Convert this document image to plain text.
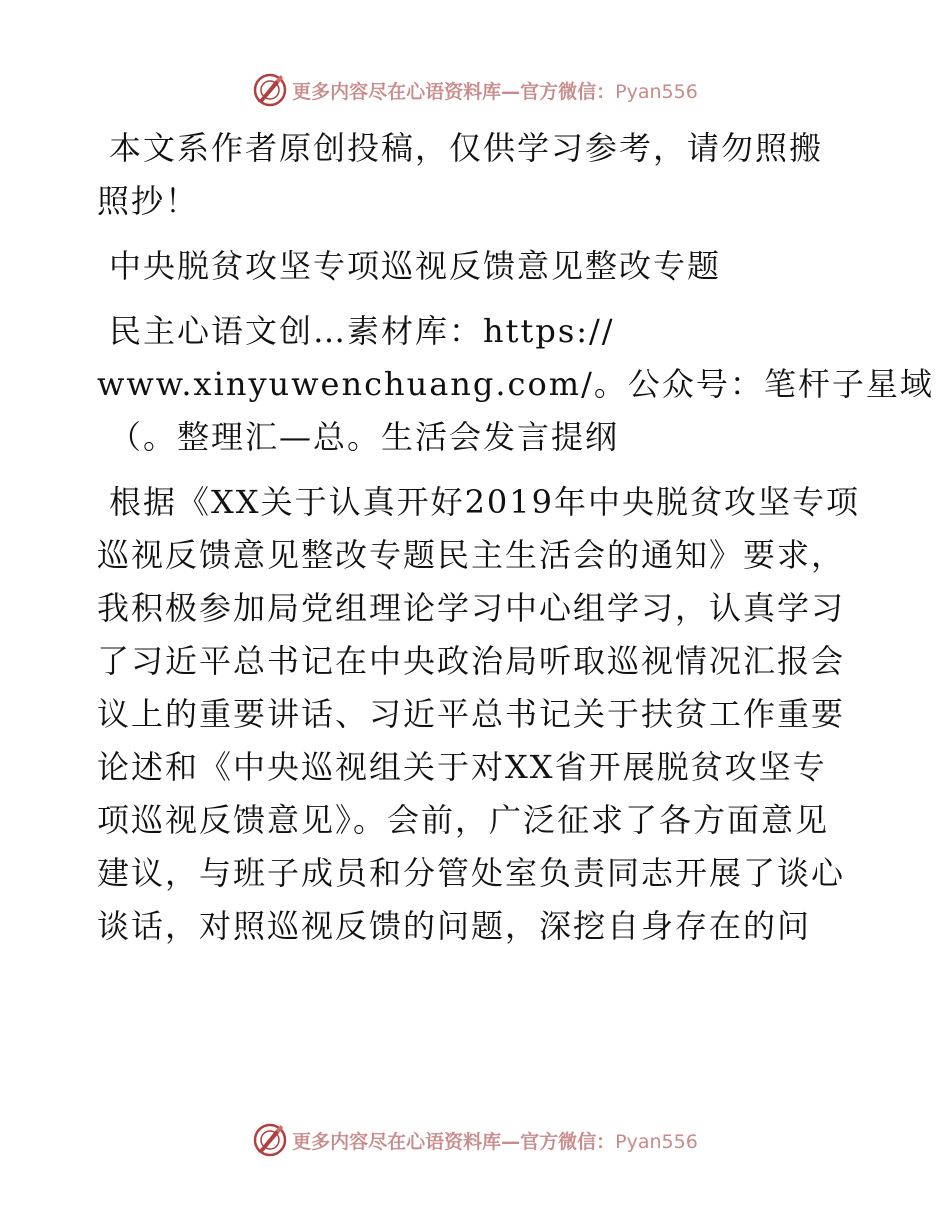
更多内容尽在心语资料库—官方微信：Pyan556
本文系作者原创投稿，仅供学习参考，请勿照搬
照抄！
中央脱贫攻坚专项巡视反馈意见整改专题
民主心语文创…素材库：https://
www.xinyuwenchuang.com/。公众号：笔杆子星域
（。整理汇—总。生活会发言提纲
根据《XX关于认真开好2019年中央脱贫攻坚专项
巡视反馈意见整改专题民主生活会的通知》要求，
我积极参加局党组理论学习中心组学习，认真学习
了习近平总书记在中央政治局听取巡视情况汇报会
议上的重要讲话、习近平总书记关于扶贫工作重要
论述和《中央巡视组关于对XX省开展脱贫攻坚专
项巡视反馈意见》。会前，广泛征求了各方面意见
建议，与班子成员和分管处室负责同志开展了谈心
谈话，对照巡视反馈的问题，深挖自身存在的问
更多内容尽在心语资料库—官方微信：Pyan556
